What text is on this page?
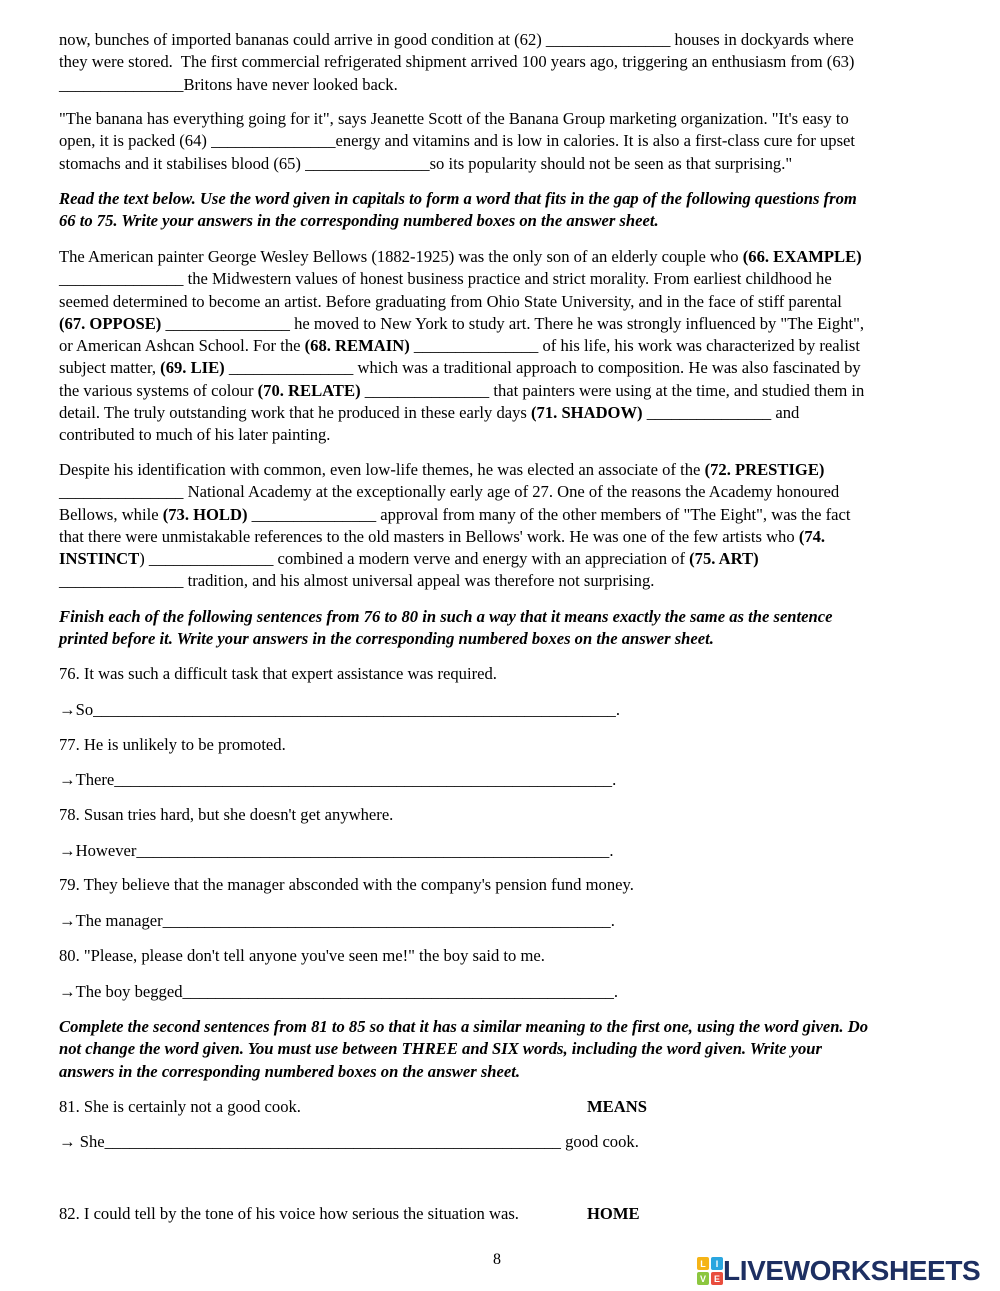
now, bunches of imported bananas could arrive in good condition at (62) _______________ houses in dockyards where
they were stored.  The first commercial refrigerated shipment arrived 100 years ago, triggering an enthusiasm from (63)
_______________Britons have never looked back.
"The banana has everything going for it", says Jeanette Scott of the Banana Group marketing organization. "It's easy to
open, it is packed (64) _______________energy and vitamins and is low in calories. It is also a first-class cure for upset
stomachs and it stabilises blood (65) _______________so its popularity should not be seen as that surprising."
Read the text below. Use the word given in capitals to form a word that fits in the gap of the following questions from
66 to 75. Write your answers in the corresponding numbered boxes on the answer sheet.
The American painter George Wesley Bellows (1882-1925) was the only son of an elderly couple who (66. EXAMPLE)
_______________ the Midwestern values of honest business practice and strict morality. From earliest childhood he
seemed determined to become an artist. Before graduating from Ohio State University, and in the face of stiff parental
(67. OPPOSE) _______________ he moved to New York to study art. There he was strongly influenced by "The Eight",
or American Ashcan School. For the (68. REMAIN) _______________ of his life, his work was characterized by realist
subject matter, (69. LIE) _______________ which was a traditional approach to composition. He was also fascinated by
the various systems of colour (70. RELATE) _______________ that painters were using at the time, and studied them in
detail. The truly outstanding work that he produced in these early days (71. SHADOW) _______________ and
contributed to much of his later painting.
Despite his identification with common, even low-life themes, he was elected an associate of the (72. PRESTIGE)
_______________ National Academy at the exceptionally early age of 27. One of the reasons the Academy honoured
Bellows, while (73. HOLD) _______________ approval from many of the other members of "The Eight", was the fact
that there were unmistakable references to the old masters in Bellows' work. He was one of the few artists who (74.
INSTINCT) _______________ combined a modern verve and energy with an appreciation of (75. ART)
_______________ tradition, and his almost universal appeal was therefore not surprising.
Finish each of the following sentences from 76 to 80 in such a way that it means exactly the same as the sentence
printed before it. Write your answers in the corresponding numbered boxes on the answer sheet.
76. It was such a difficult task that expert assistance was required.
→So_______________________________________________________________.
77. He is unlikely to be promoted.
→There____________________________________________________________.
78. Susan tries hard, but she doesn't get anywhere.
→However_________________________________________________________.
79. They believe that the manager absconded with the company's pension fund money.
→The manager______________________________________________________.
80. "Please, please don't tell anyone you've seen me!" the boy said to me.
→The boy begged____________________________________________________.
Complete the second sentences from 81 to 85 so that it has a similar meaning to the first one, using the word given. Do
not change the word given. You must use between THREE and SIX words, including the word given. Write your
answers in the corresponding numbered boxes on the answer sheet.
81. She is certainly not a good cook.	MEANS
→ She_______________________________________________________ good cook.
82. I could tell by the tone of his voice how serious the situation was.	HOME
8	L I
V E LIVEWORKSHEETS
